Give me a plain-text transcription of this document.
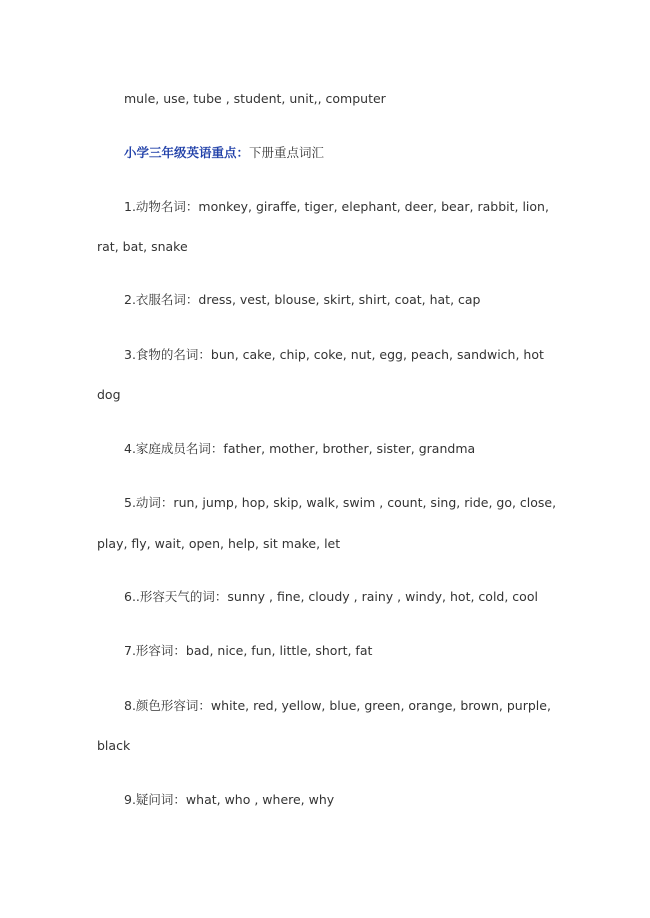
mule, use, tube , student, unit,, computer
小学三年级英语重点：下册重点词汇
1.动物名词：monkey, giraffe, tiger, elephant, deer, bear, rabbit, lion,
rat, bat, snake
2.衣服名词：dress, vest, blouse, skirt, shirt, coat, hat, cap
3.食物的名词：bun, cake, chip, coke, nut, egg, peach, sandwich, hot
dog
4.家庭成员名词：father, mother, brother, sister, grandma
5.动词：run, jump, hop, skip, walk, swim , count, sing, ride, go, close,
play, fly, wait, open, help, sit make, let
6..形容天气的词：sunny , fine, cloudy , rainy , windy, hot, cold, cool
7.形容词：bad, nice, fun, little, short, fat
8.颜色形容词：white, red, yellow, blue, green, orange, brown, purple,
black
9.疑问词：what, who , where, why
